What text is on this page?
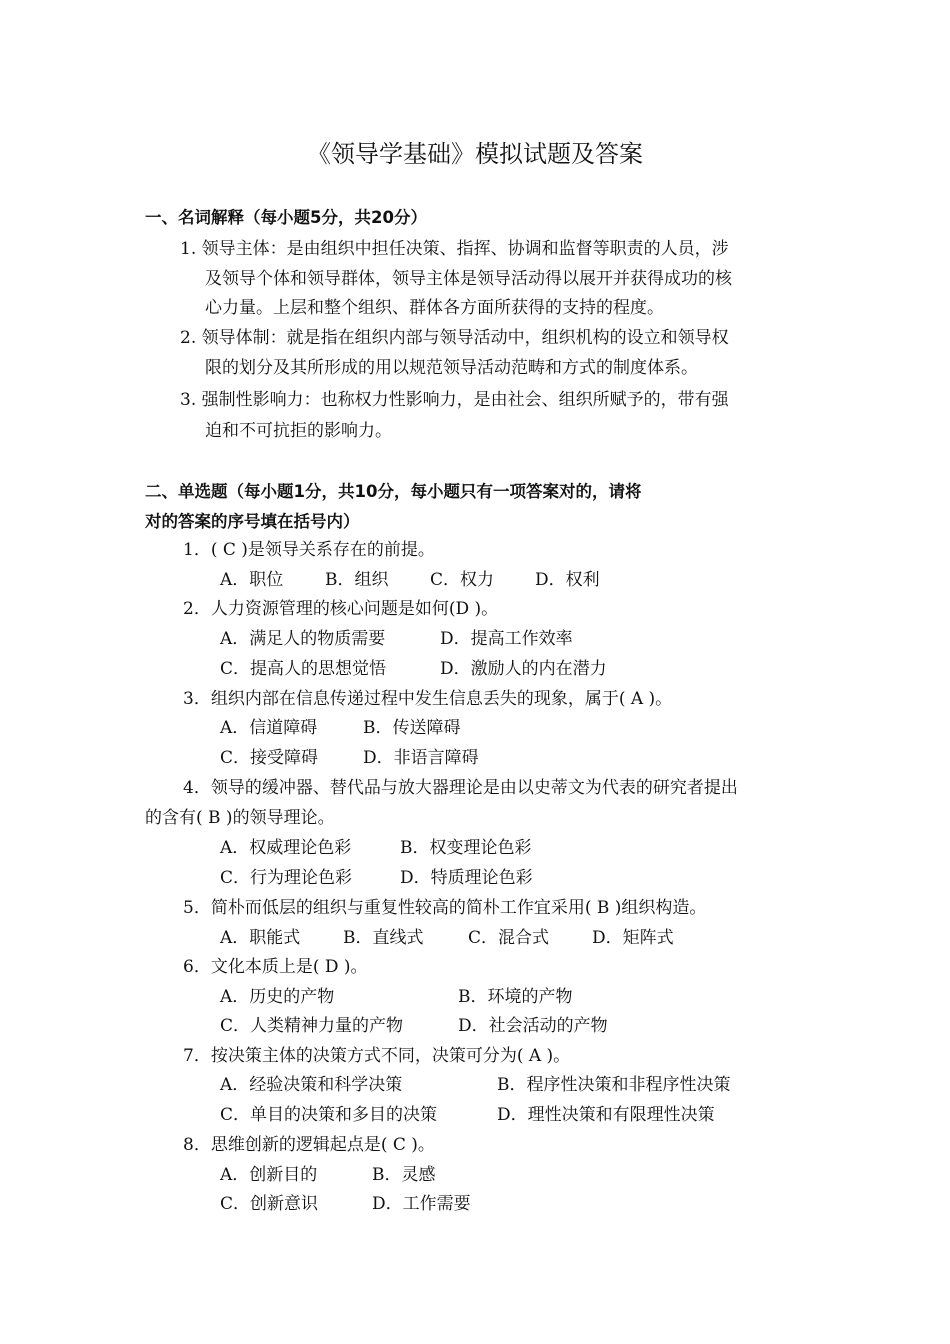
《领导学基础》模拟试题及答案
一、名词解释（每小题5分，共20分）
1. 领导主体：是由组织中担任决策、指挥、协调和监督等职责的人员，涉
及领导个体和领导群体，领导主体是领导活动得以展开并获得成功的核
心力量。上层和整个组织、群体各方面所获得的支持的程度。
2. 领导体制：就是指在组织内部与领导活动中，组织机构的设立和领导权
限的划分及其所形成的用以规范领导活动范畴和方式的制度体系。
3. 强制性影响力：也称权力性影响力，是由社会、组织所赋予的，带有强
迫和不可抗拒的影响力。
二、单选题（每小题1分，共10分，每小题只有一项答案对的，请将
对的答案的序号填在括号内）
1．( C )是领导关系存在的前提。
A．职位 B．组织 C．权力 D．权利
2．人力资源管理的核心问题是如何(D )。
A．满足人的物质需要	D．提高工作效率
C．提高人的思想觉悟	D．激励人的内在潜力
3．组织内部在信息传递过程中发生信息丢失的现象，属于( A )。
A．信道障碍	B．传送障碍
C．接受障碍	D．非语言障碍
4．领导的缓冲器、替代品与放大器理论是由以史蒂文为代表的研究者提出
的含有( B )的领导理论。
A．权威理论色彩	B．权变理论色彩
C．行为理论色彩	D．特质理论色彩
5．简朴而低层的组织与重复性较高的简朴工作宜采用( B )组织构造。
A．职能式	B．直线式	C．混合式	D．矩阵式
6．文化本质上是( D )。
A．历史的产物	B．环境的产物
C．人类精神力量的产物	D．社会活动的产物
7．按决策主体的决策方式不同，决策可分为( A )。
A．经验决策和科学决策	B．程序性决策和非程序性决策
C．单目的决策和多目的决策	D．理性决策和有限理性决策
8．思维创新的逻辑起点是( C )。
A．创新目的	B．灵感
C．创新意识	D．工作需要
